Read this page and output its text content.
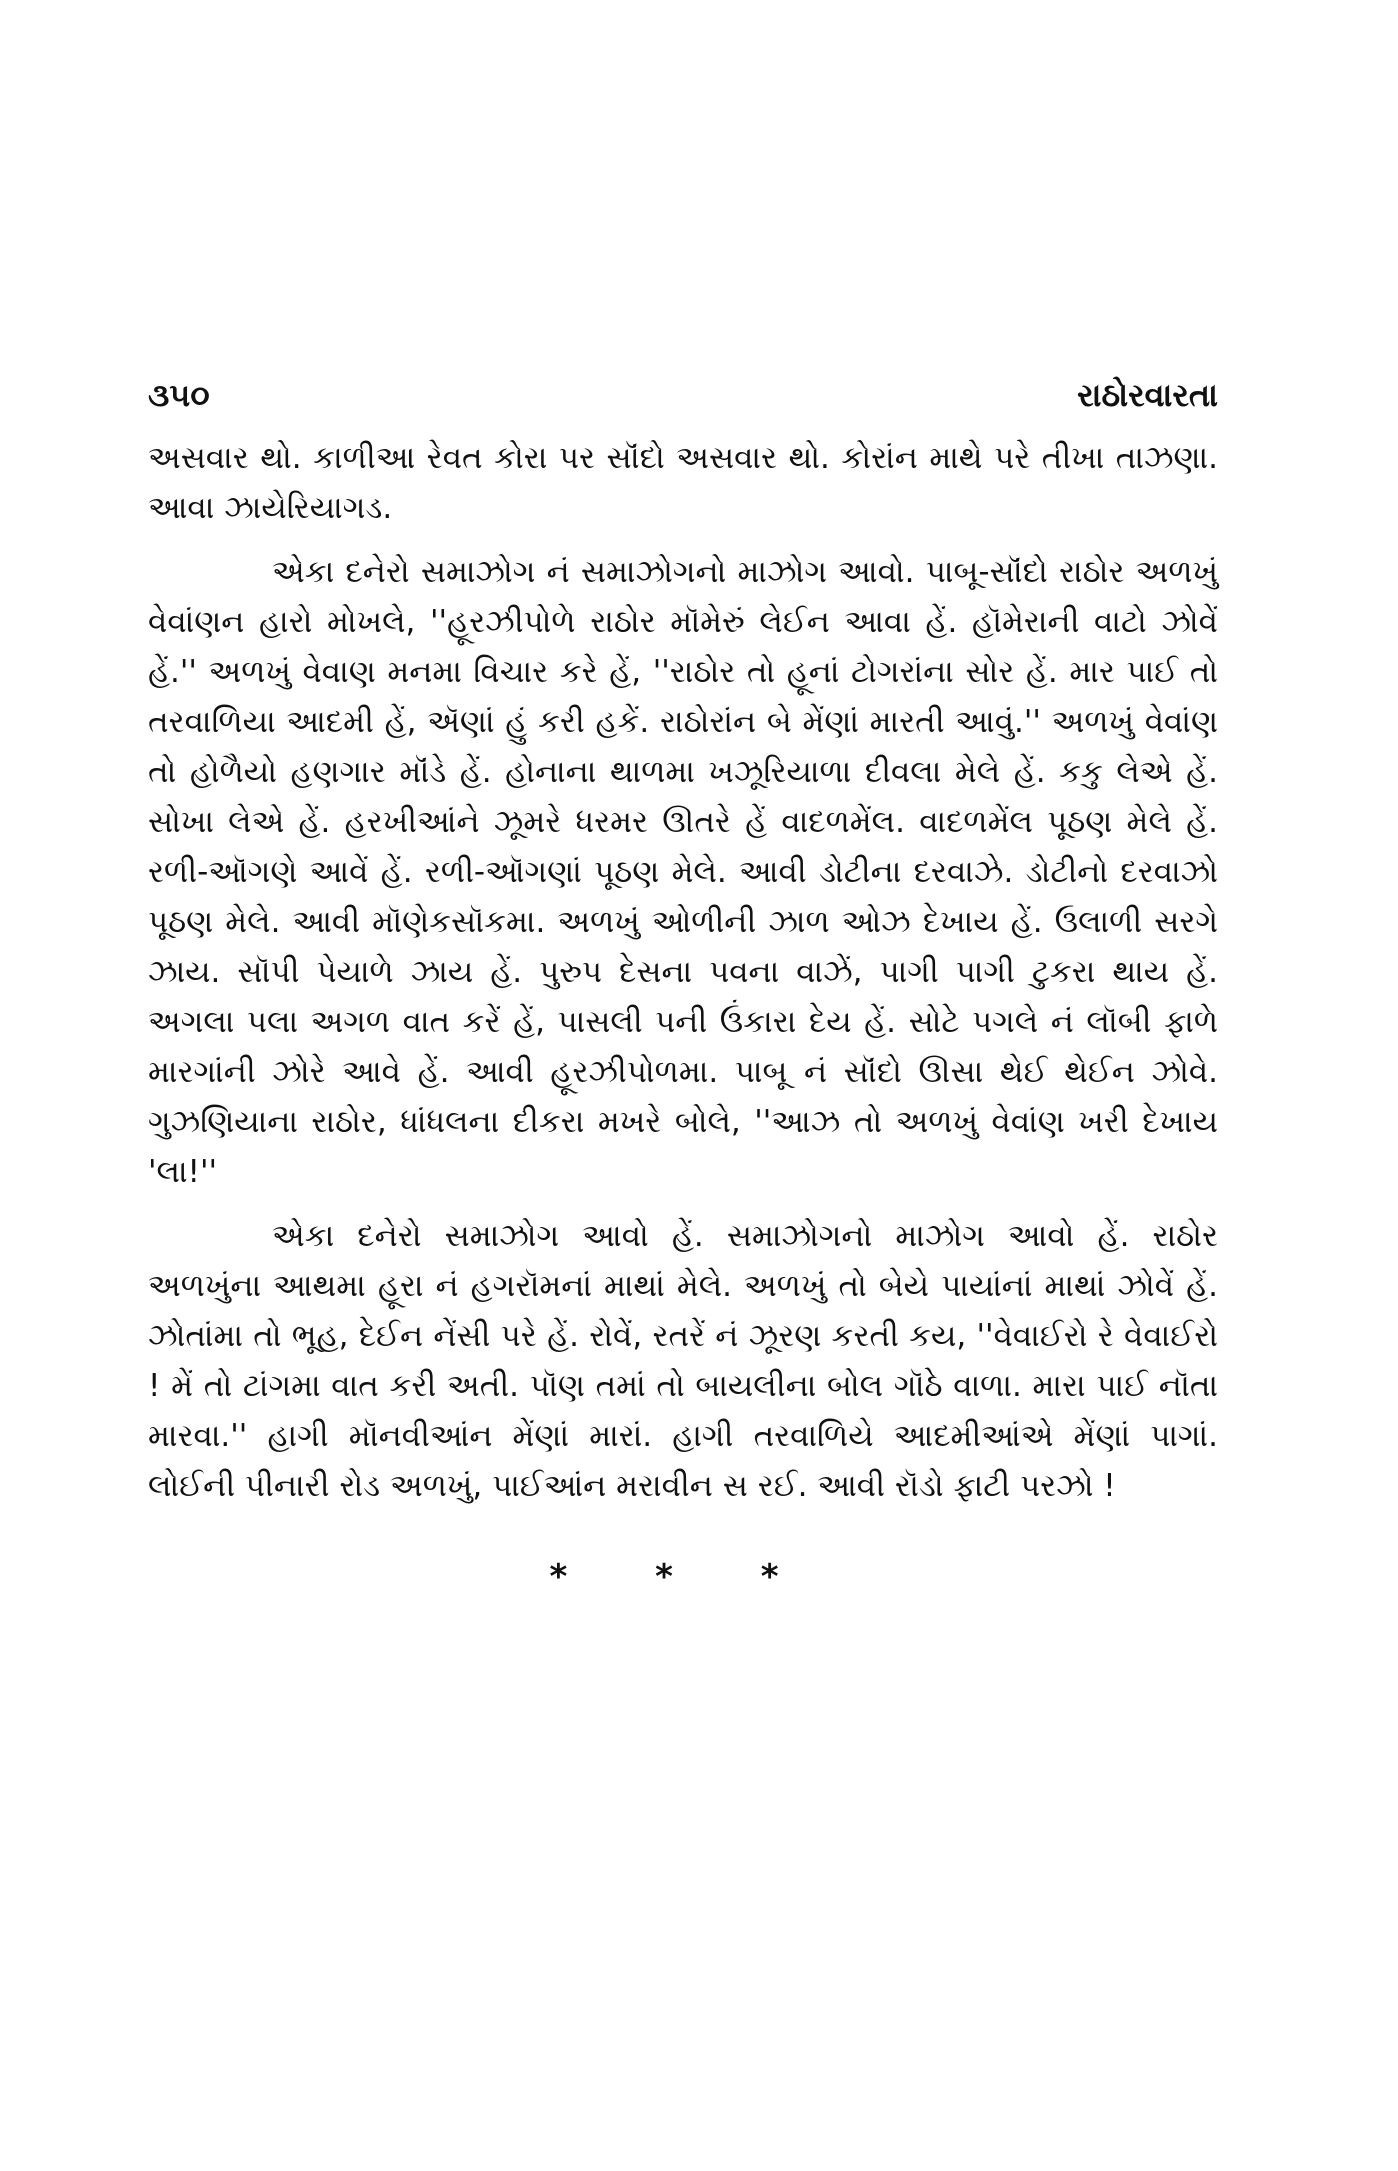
૩૫૦	રાઠોરવારતા

અસવાર થો. કાળીઆ રેવત કોરા પર સૉંદો અસવાર થો. કોરાંન માથે પરે તીખા તાઝણા. આવા ઝાયેરિયાગડ.

એકા દનેરો સમાઝોગ નં સમાઝોગનો માઝોગ આવો. પાબૂ-સૉંદો રાઠોર અળખું વેવાંણન હારો મોખલે, ''હૂરઝીપોળે રાઠોર મૉમેરું લેઈન આવા હેં. હૉમેરાની વાટો ઝોવેં હેં.'' અળખું વેવાણ મનમા વિચાર કરે હેં, ''રાઠોર તો હૂનાં ટોગરાંના સોર હેં. માર પાઈ તો તરવાળિયા આદમી હેં, ઍણાં હું કરી હકેં. રાઠોરાંન બે મેંણાં મારતી આવું.'' અળખું વેવાંણ તો હોળૈયો હણગાર મૉંડે હેં. હોનાના થાળમા ખઝૂરિયાળા દીવલા મેલે હેં. કકુ લેએ હેં. સોખા લેએ હેં. હરખીઆંને ઝૂમરે ધરમર ઊતરે હેં વાદળમેંલ. વાદળમેંલ પૂઠણ મેલે હેં. રળી-ઑગણે આવેં હેં. રળી-ઑગણાં પૂઠણ મેલે. આવી ડોટીના દરવાઝે. ડોટીનો દરવાઝો પૂઠણ મેલે. આવી મૉણેકસૉકમા. અળખું ઓળીની ઝાળ ઓઝ દેખાય હેં. ઉલાળી સરગે ઝાય. સૉપી પેયાળે ઝાય હેં. પુરુપ દેસના પવના વાઝેં, પાગી પાગી ટુકરા થાય હેં. અગલા પલા અગળ વાત કરેં હેં, પાસલી પની ઉંકારા દેય હેં. સોટે પગલે નં લૉબી ફાળે મારગાંની ઝોરે આવે હેં. આવી હૂરઝીપોળમા. પાબૂ નં સૉંદો ઊસા થેઈ થેઈન ઝોવે. ગુઝણિયાના રાઠોર, ધાંધલના દીકરા મખરે બોલે, ''આઝ તો અળખું વેવાંણ ખરી દેખાય 'લા!''

એકા દનેરો સમાઝોગ આવો હેં. સમાઝોગનો માઝોગ આવો હેં. રાઠોર અળખુંના આથમા હૂરા નં હગરૉમનાં માથાં મેલે. અળખું તો બેયે પાયાંનાં માથાં ઝોવેં હેં. ઝોતાંમા તો ભૂહ, દેઈન નેંસી પરે હેં. રોવેં, રતરેં નં ઝૂરણ કરતી કય, ''વેવાઈરો રે વેવાઈરો ! મેં તો ટાંગમા વાત કરી અતી. પૉણ તમાં તો બાયલીના બોલ ગૉઠે વાળા. મારા પાઈ નૉતા મારવા.'' હાગી મૉનવીઆંન મેંણાં મારાં. હાગી તરવાળિયે આદમીઆંએ મેંણાં પાગાં. લોઈની પીનારી રોડ અળખું, પાઈઆંન મરાવીન સ રઈ. આવી રૉડો ફાટી પરઝો !

* * *
